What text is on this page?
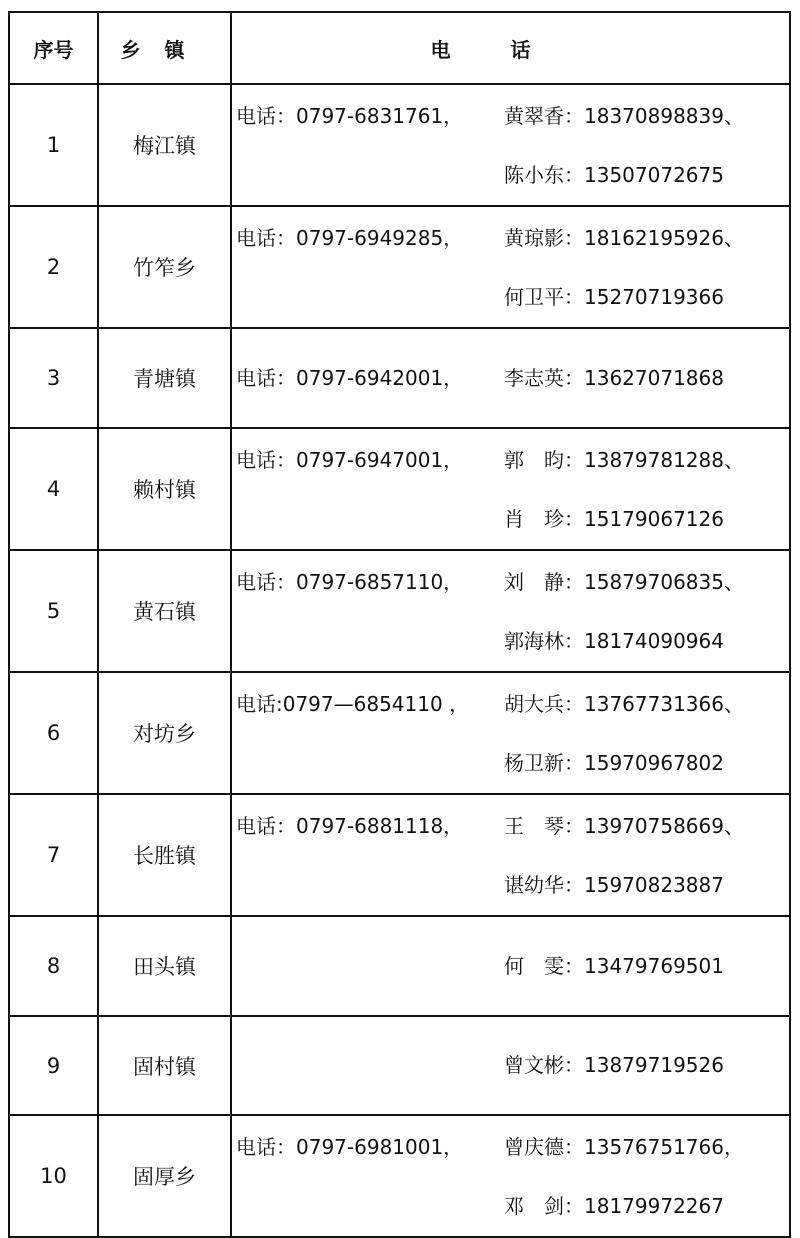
序号	乡镇	电话
1	梅江镇	电话：0797-6831761， 黄翠香：18370898839、
陈小东：13507072675

2	竹笮乡	电话：0797-6949285， 黄琼影：18162195926、
何卫平：15270719366

3	青塘镇	电话：0797-6942001， 李志英：13627071868

4	赖村镇	电话：0797-6947001， 郭　昀：13879781288、
肖　珍：15179067126

5	黄石镇	电话：0797-6857110， 刘　静：15879706835、
郭海林：18174090964

6	对坊乡	电话:0797—6854110 ， 胡大兵：13767731366、
杨卫新：15970967802

7	长胜镇	电话：0797-6881118， 王　琴：13970758669、
谌幼华：15970823887

8	田头镇	何　雯：13479769501

9	固村镇	曾文彬：13879719526

10	固厚乡	电话：0797-6981001， 曾庆德：13576751766，
邓　剑：18179972267
